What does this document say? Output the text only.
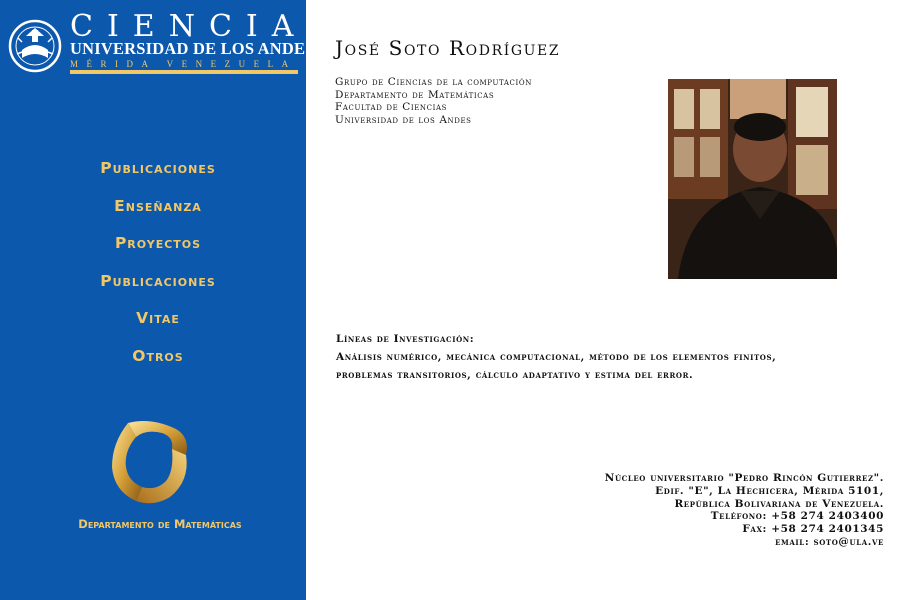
CIENCIAS
UNIVERSIDAD DE LOS ANDES
MÉRIDA VENEZUELA
Publicaciones
Enseñanza
Proyectos
Publicaciones
Vitae
Otros
Departamento de Matemáticas
José Soto Rodríguez
Grupo de Ciencias de la computación
Departamento de Matemáticas
Facultad de Ciencias
Universidad de los Andes
Líneas de Investigación:
Análisis numérico, mecánica computacional, método de los elementos finitos,
problemas transitorios, cálculo adaptativo y estima del error.
Núcleo universitario "Pedro Rincón Gutierrez".
Edif. "E", La Hechicera, Mérida 5101,
República Bolivariana de Venezuela.
Teléfono: +58 274 2403400
Fax: +58 274 2401345
email: soto@ula.ve
